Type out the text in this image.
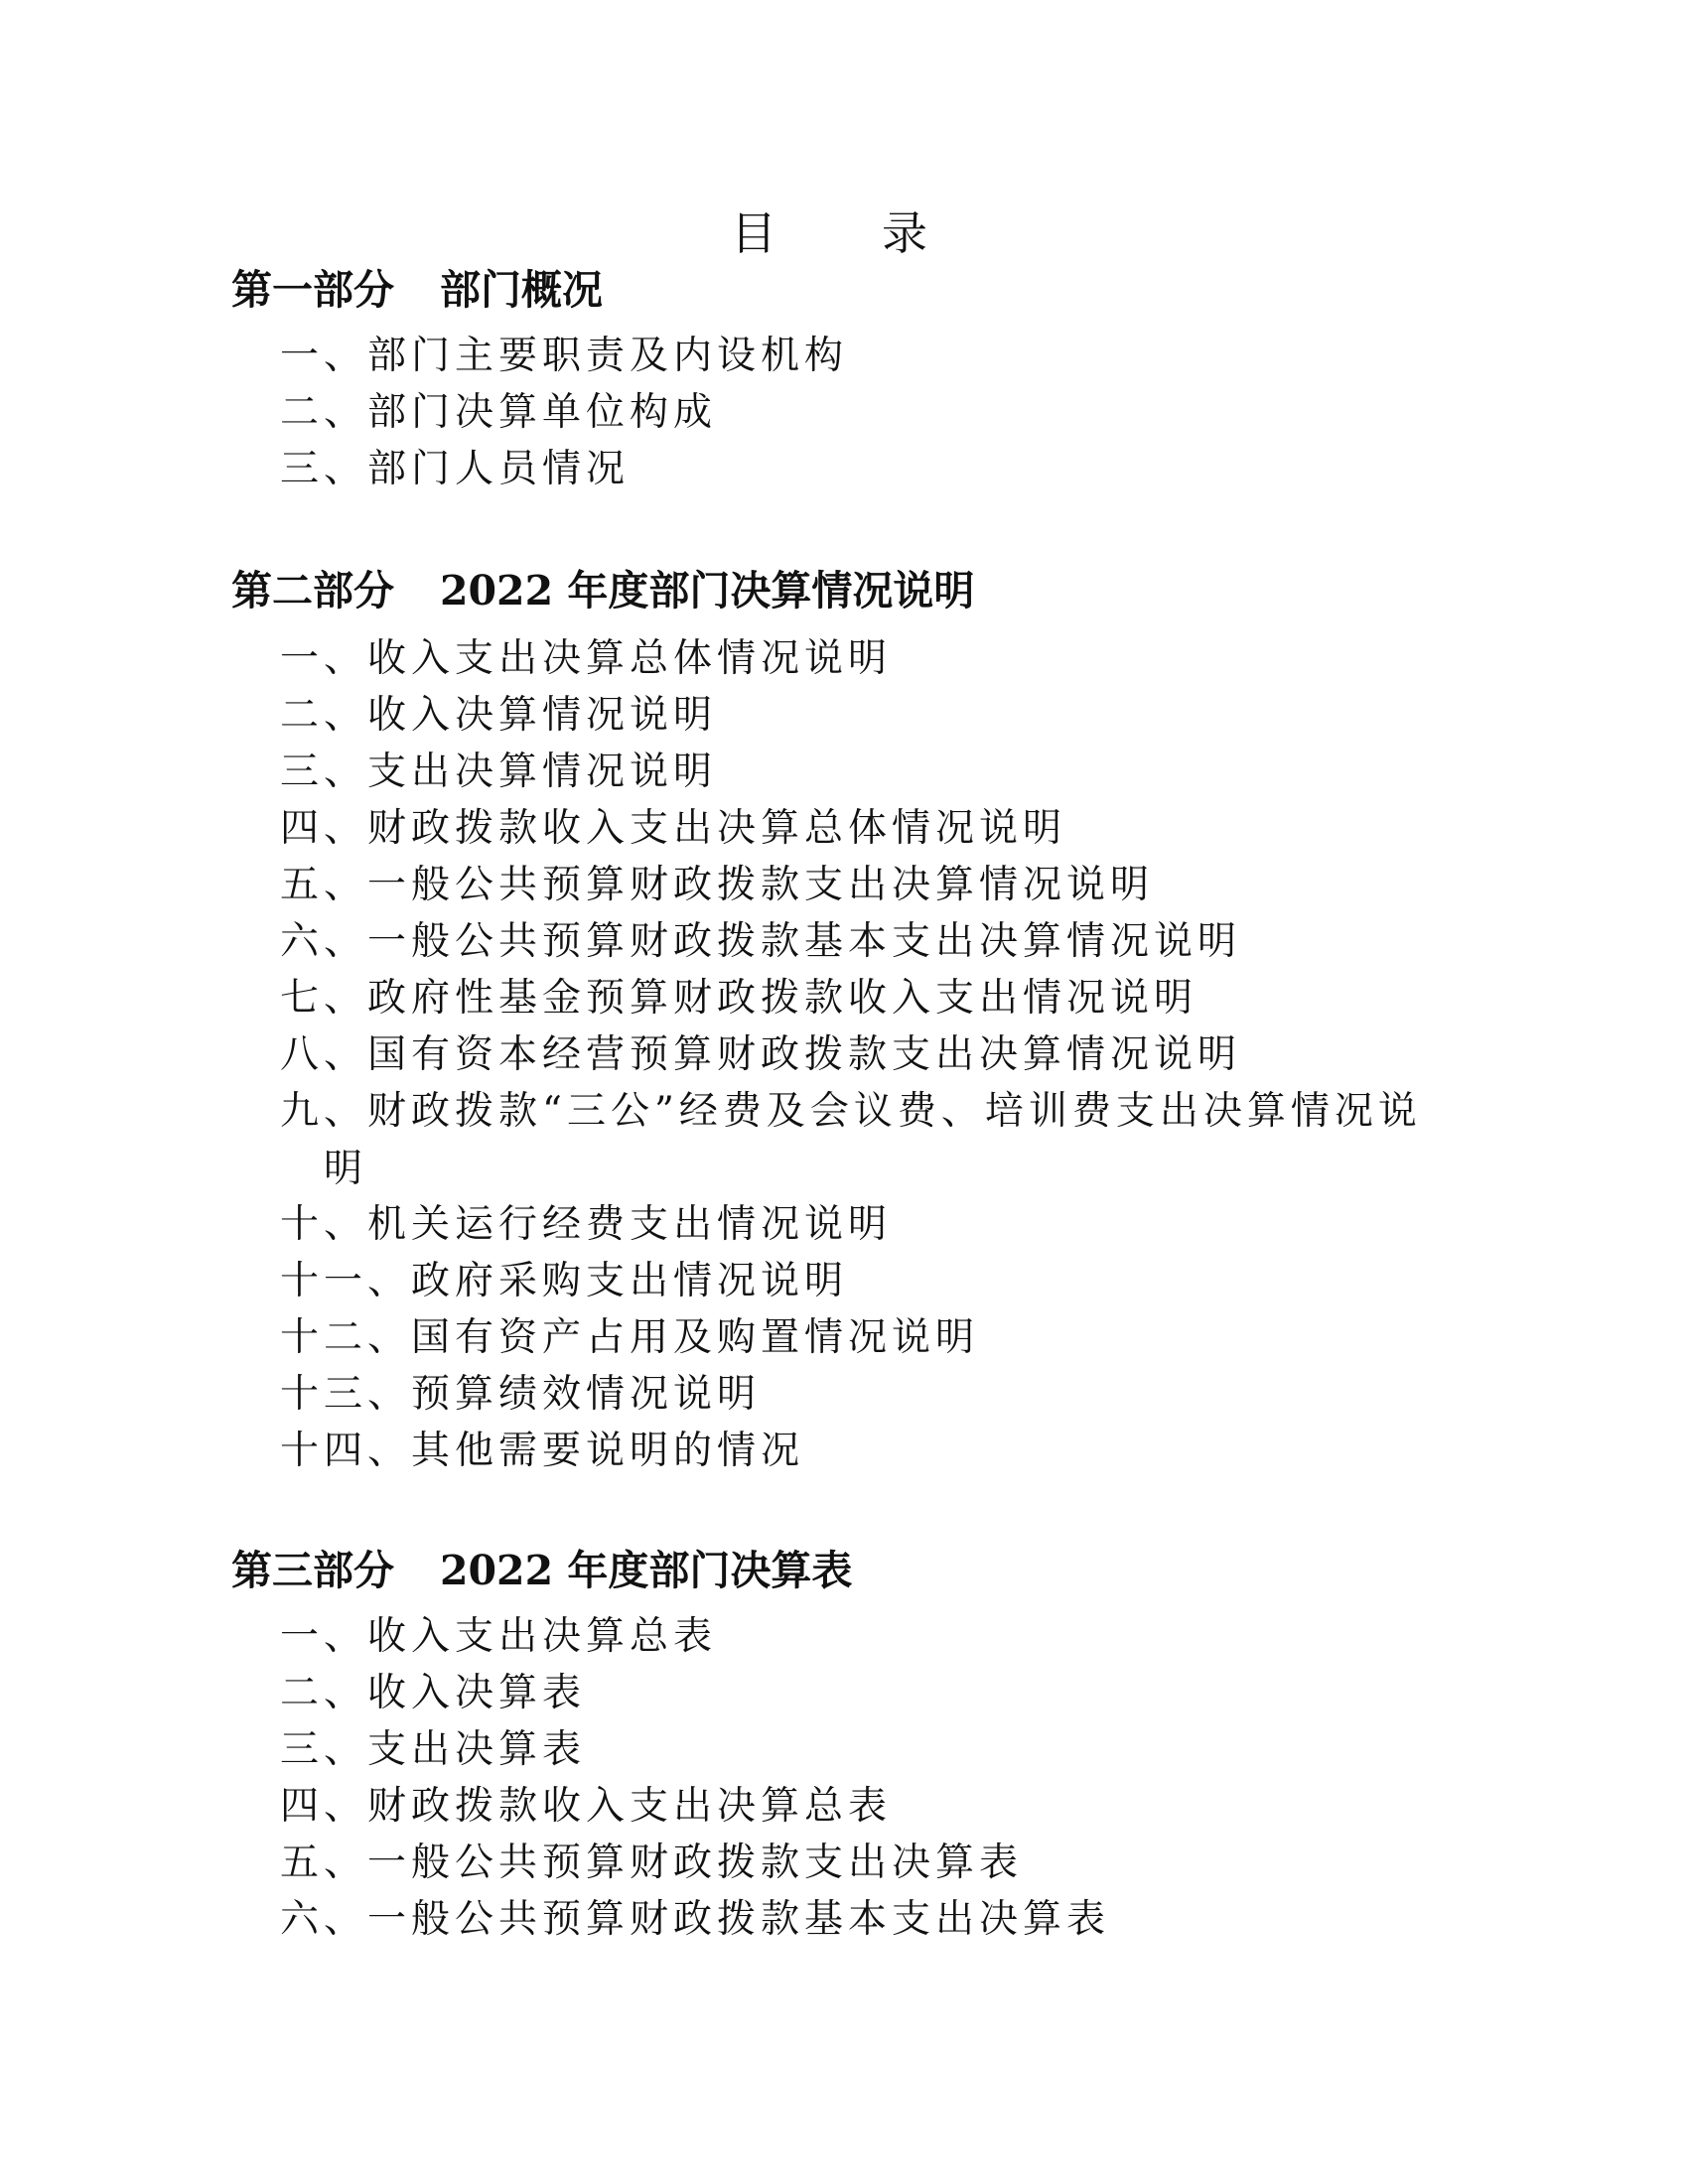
目　录
第一部分 部门概况
一、部门主要职责及内设机构
二、部门决算单位构成
三、部门人员情况
第二部分 2022 年度部门决算情况说明
一、收入支出决算总体情况说明
二、收入决算情况说明
三、支出决算情况说明
四、财政拨款收入支出决算总体情况说明
五、一般公共预算财政拨款支出决算情况说明
六、一般公共预算财政拨款基本支出决算情况说明
七、政府性基金预算财政拨款收入支出情况说明
八、国有资本经营预算财政拨款支出决算情况说明
九、财政拨款“三公”经费及会议费、培训费支出决算情况说
明
十、机关运行经费支出情况说明
十一、政府采购支出情况说明
十二、国有资产占用及购置情况说明
十三、预算绩效情况说明
十四、其他需要说明的情况
第三部分 2022 年度部门决算表
一、收入支出决算总表
二、收入决算表
三、支出决算表
四、财政拨款收入支出决算总表
五、一般公共预算财政拨款支出决算表
六、一般公共预算财政拨款基本支出决算表
